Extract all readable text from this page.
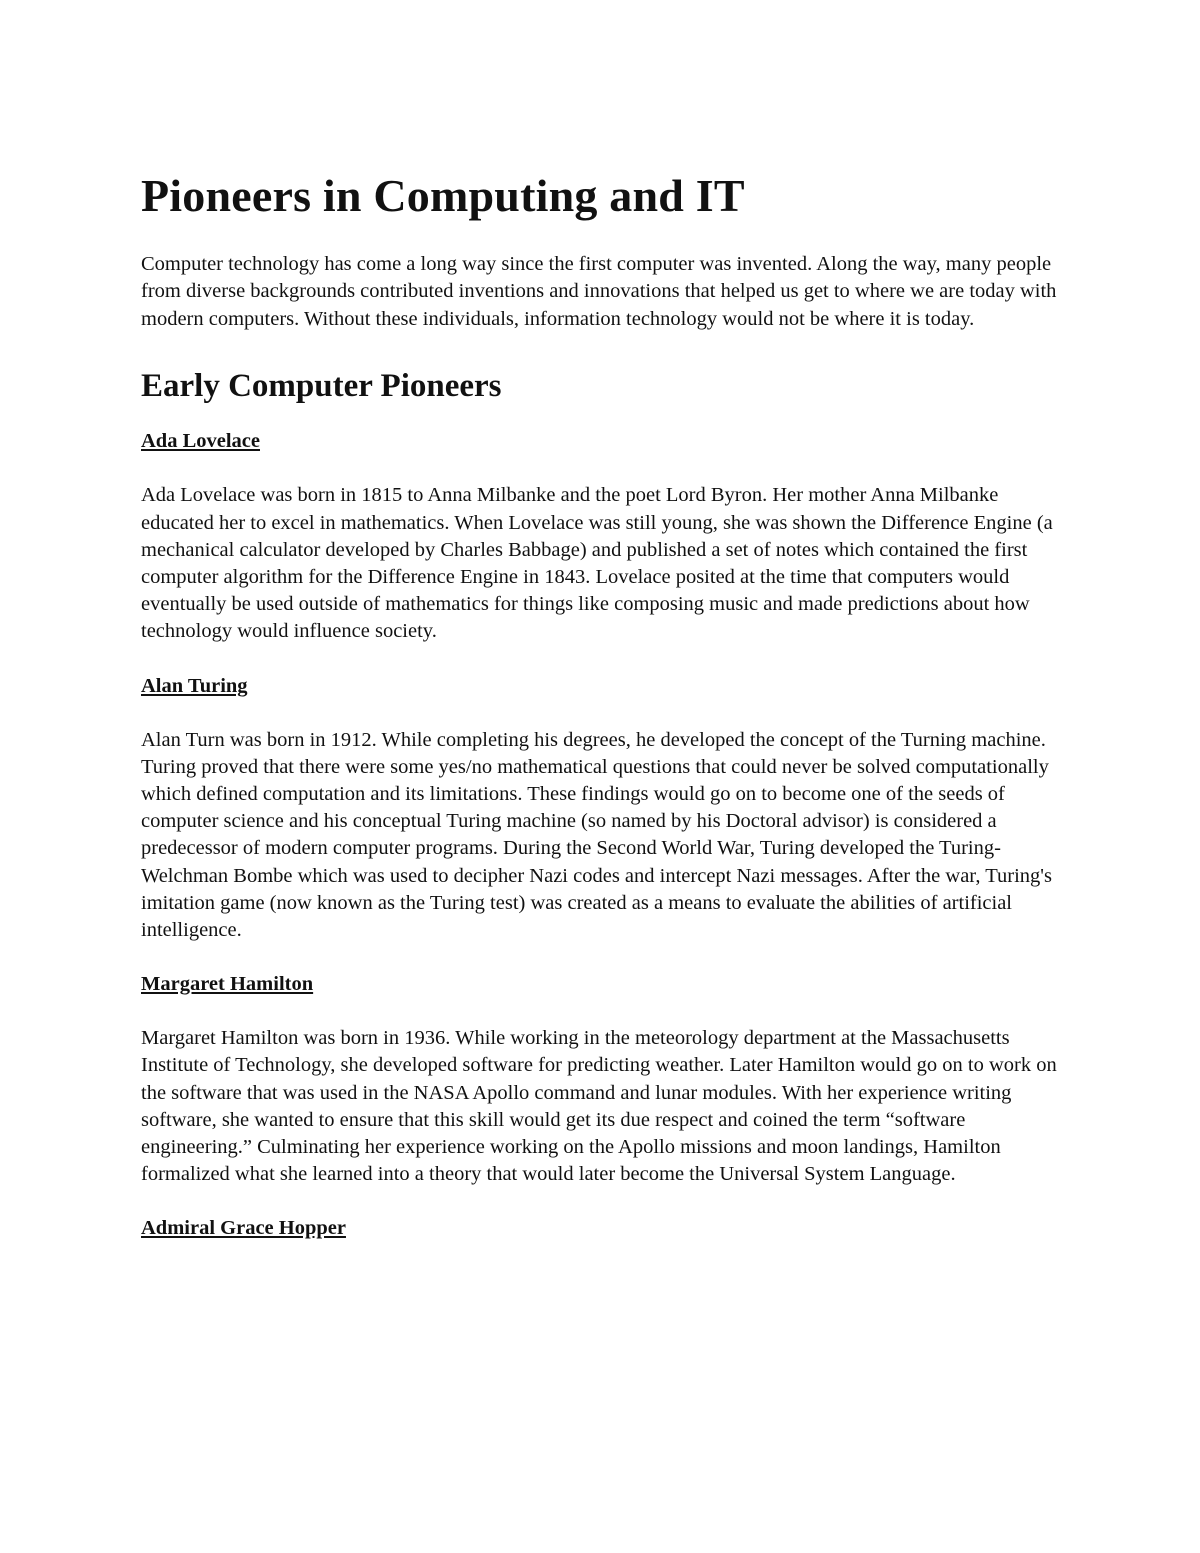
Pioneers in Computing and IT

Computer technology has come a long way since the first computer was invented. Along the way, many people from diverse backgrounds contributed inventions and innovations that helped us get to where we are today with modern computers. Without these individuals, information technology would not be where it is today.

Early Computer Pioneers
Ada Lovelace

Ada Lovelace was born in 1815 to Anna Milbanke and the poet Lord Byron. Her mother Anna Milbanke educated her to excel in mathematics. When Lovelace was still young, she was shown the Difference Engine (a mechanical calculator developed by Charles Babbage) and published a set of notes which contained the first computer algorithm for the Difference Engine in 1843. Lovelace posited at the time that computers would eventually be used outside of mathematics for things like composing music and made predictions about how technology would influence society.

Alan Turing

Alan Turn was born in 1912. While completing his degrees, he developed the concept of the Turning machine. Turing proved that there were some yes/no mathematical questions that could never be solved computationally which defined computation and its limitations. These findings would go on to become one of the seeds of computer science and his conceptual Turing machine (so named by his Doctoral advisor) is considered a predecessor of modern computer programs. During the Second World War, Turing developed the Turing-Welchman Bombe which was used to decipher Nazi codes and intercept Nazi messages. After the war, Turing's imitation game (now known as the Turing test) was created as a means to evaluate the abilities of artificial intelligence.

Margaret Hamilton

Margaret Hamilton was born in 1936. While working in the meteorology department at the Massachusetts Institute of Technology, she developed software for predicting weather. Later Hamilton would go on to work on the software that was used in the NASA Apollo command and lunar modules. With her experience writing software, she wanted to ensure that this skill would get its due respect and coined the term “software engineering.” Culminating her experience working on the Apollo missions and moon landings, Hamilton formalized what she learned into a theory that would later become the Universal System Language.

Admiral Grace Hopper
